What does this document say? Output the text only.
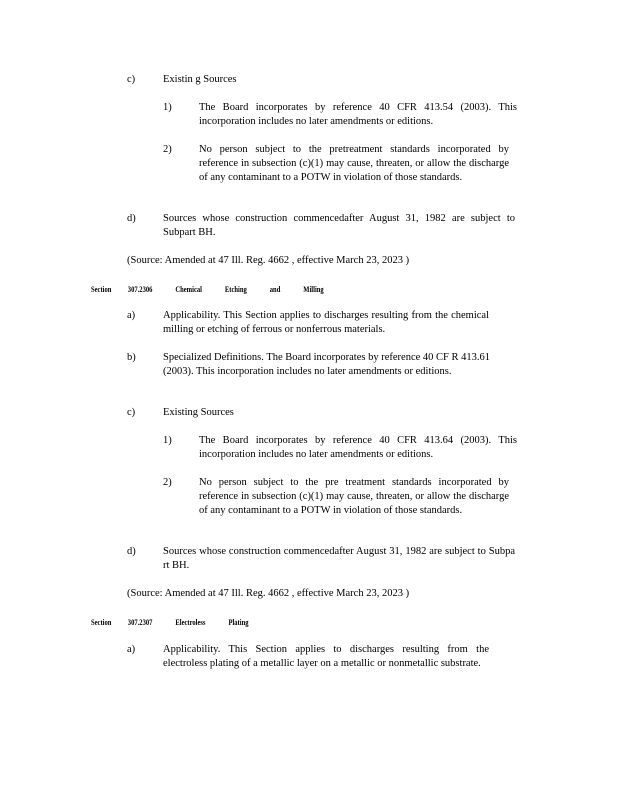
c)	Existin g Sources
1)	The Board incorporates by reference 40 CFR 413.54 (2003). This incorporation includes no later amendments or editions.
2)	No person subject to the pretreatment standards incorporated by reference in subsection (c)(1) may cause, threaten, or allow the discharge of any contaminant to a POTW in violation of those standards.
d)	Sources whose construction commencedafter August 31, 1982 are subject to Subpart BH.
(Source: Amended at 47 Ill. Reg. 4662 , effective March 23, 2023 )
Section 307.2306	Chemical Etching and Milling
a)	Applicability. This Section applies to discharges resulting from the chemical milling or etching of ferrous or nonferrous materials.
b)	Specialized Definitions. The Board incorporates by reference 40 CF R 413.61 (2003). This incorporation includes no later amendments or editions.
c)	Existing Sources
1)	The Board incorporates by reference 40 CFR 413.64 (2003). This incorporation includes no later amendments or editions.
2)	No person subject to the pre treatment standards incorporated by reference in subsection (c)(1) may cause, threaten, or allow the discharge of any contaminant to a POTW in violation of those standards.
d)	Sources whose construction commencedafter August 31, 1982 are subject to Subpa rt BH.
(Source: Amended at 47 Ill. Reg. 4662 , effective March 23, 2023 )
Section 307.2307	Electroless Plating
a)	Applicability. This Section applies to discharges resulting from the electroless plating of a metallic layer on a metallic or nonmetallic substrate.
